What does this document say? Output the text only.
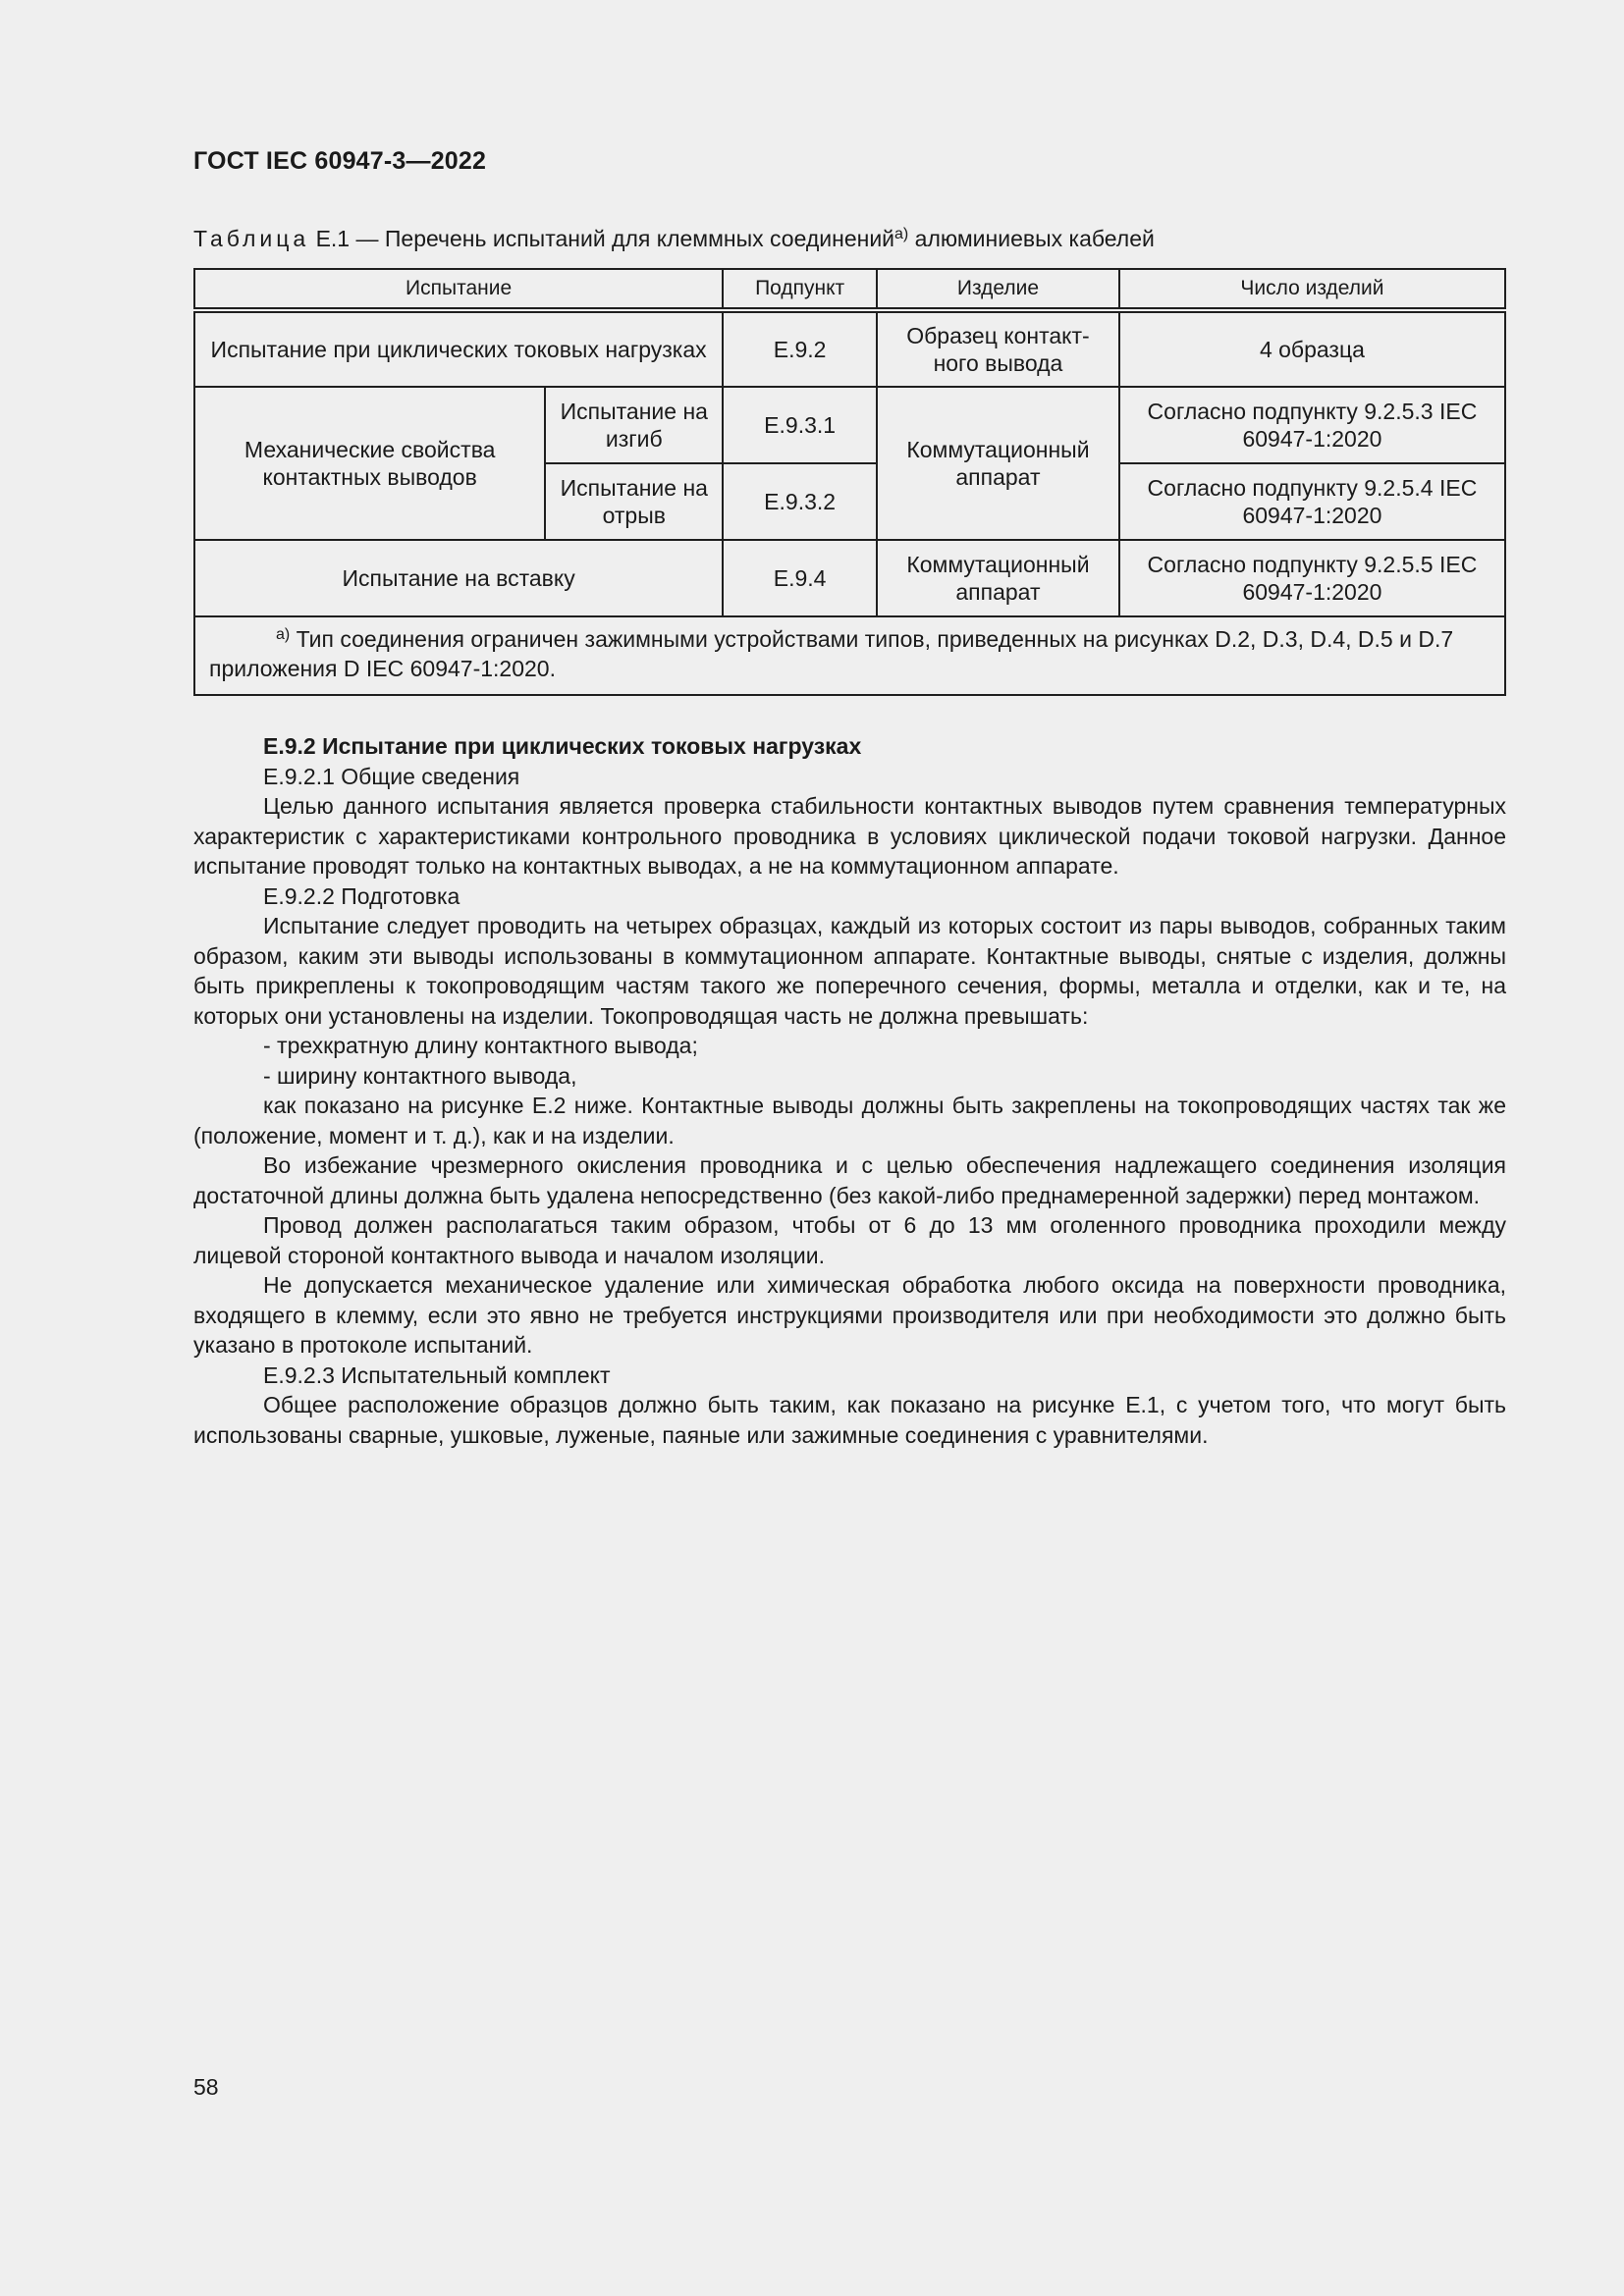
ГОСТ IEC 60947-3—2022
Таблица E.1 — Перечень испытаний для клеммных соединений$^{a)}$ алюминиевых кабелей
Испытание		Подпункт	Изделие	Число изделий
Испытание при циклических токовых нагрузках		E.9.2	Образец контакт-ного вывода	4 образца
Механические свойства контактных выводов	Испытание на изгиб	E.9.3.1	Коммутационный аппарат	Согласно подпункту 9.2.5.3 IEC 60947-1:2020
	Испытание на отрыв	E.9.3.2		Согласно подпункту 9.2.5.4 IEC 60947-1:2020
Испытание на вставку		E.9.4	Коммутационный аппарат	Согласно подпункту 9.2.5.5 IEC 60947-1:2020
$^{a)}$ Тип соединения ограничен зажимными устройствами типов, приведенных на рисунках D.2, D.3, D.4, D.5 и D.7 приложения D IEC 60947-1:2020.				

Е.9.2 Испытание при циклических токовых нагрузках

Е.9.2.1 Общие сведения

Целью данного испытания является проверка стабильности контактных выводов путем сравнения температурных характеристик с характеристиками контрольного проводника в условиях циклической подачи токовой нагрузки. Данное испытание проводят только на контактных выводах, а не на коммутационном аппарате.

Е.9.2.2 Подготовка

Испытание следует проводить на четырех образцах, каждый из которых состоит из пары выводов, собранных таким образом, каким эти выводы использованы в коммутационном аппарате. Контактные выводы, снятые с изделия, должны быть прикреплены к токопроводящим частям такого же поперечного сечения, формы, металла и отделки, как и те, на которых они установлены на изделии. Токопроводящая часть не должна превышать:

- трехкратную длину контактного вывода;

- ширину контактного вывода,

как показано на рисунке Е.2 ниже. Контактные выводы должны быть закреплены на токопроводящих частях так же (положение, момент и т. д.), как и на изделии.

Во избежание чрезмерного окисления проводника и с целью обеспечения надлежащего соединения изоляция достаточной длины должна быть удалена непосредственно (без какой-либо преднамеренной задержки) перед монтажом.

Провод должен располагаться таким образом, чтобы от 6 до 13 мм оголенного проводника проходили между лицевой стороной контактного вывода и началом изоляции.

Не допускается механическое удаление или химическая обработка любого оксида на поверхности проводника, входящего в клемму, если это явно не требуется инструкциями производителя или при необходимости это должно быть указано в протоколе испытаний.

Е.9.2.3 Испытательный комплект

Общее расположение образцов должно быть таким, как показано на рисунке Е.1, с учетом того, что могут быть использованы сварные, ушковые, луженые, паяные или зажимные соединения с уравнителями.

58
